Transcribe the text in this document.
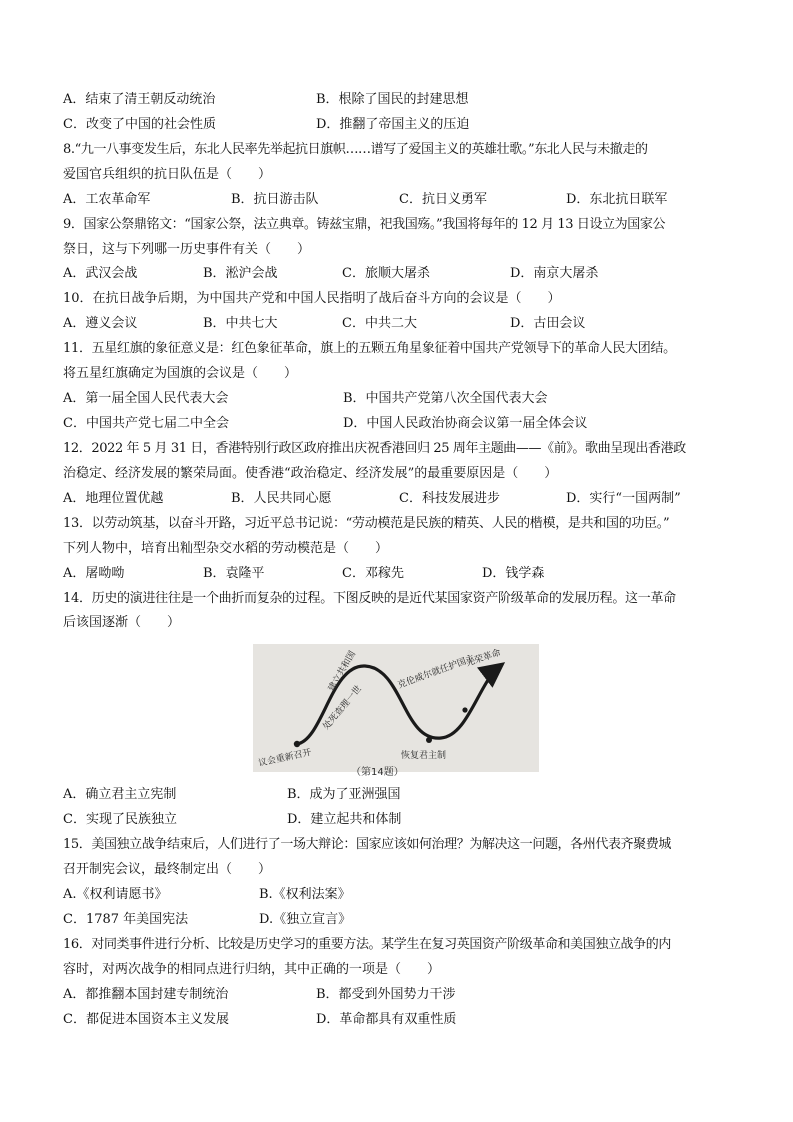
A．结束了清王朝反动统治	B．根除了国民的封建思想
C．改变了中国的社会性质	D．推翻了帝国主义的压迫
8.“九一八事变发生后，东北人民率先举起抗日旗帜……谱写了爱国主义的英雄壮歌。”东北人民与未撤走的
爱国官兵组织的抗日队伍是（　　）
A．工农革命军	B．抗日游击队	C．抗日义勇军	D．东北抗日联军
9．国家公祭鼎铭文：“国家公祭，法立典章。铸兹宝鼎，祀我国殇。”我国将每年的 12 月 13 日设立为国家公
祭日，这与下列哪一历史事件有关（　　）
A．武汉会战	B．淞沪会战	C．旅顺大屠杀	D．南京大屠杀
10．在抗日战争后期，为中国共产党和中国人民指明了战后奋斗方向的会议是（　　）
A．遵义会议	B．中共七大	C．中共二大	D．古田会议
11．五星红旗的象征意义是：红色象征革命，旗上的五颗五角星象征着中国共产党领导下的革命人民大团结。
将五星红旗确定为国旗的会议是（　　）
A．第一届全国人民代表大会	B．中国共产党第八次全国代表大会
C．中国共产党七届二中全会	D．中国人民政治协商会议第一届全体会议
12．2022 年 5 月 31 日，香港特别行政区政府推出庆祝香港回归 25 周年主题曲——《前》。歌曲呈现出香港政
治稳定、经济发展的繁荣局面。使香港“政治稳定、经济发展”的最重要原因是（　　）
A．地理位置优越	B．人民共同心愿	C．科技发展进步	D．实行“一国两制”
13．以劳动筑基，以奋斗开路，习近平总书记说：“劳动模范是民族的精英、人民的楷模，是共和国的功臣。”
下列人物中，培育出籼型杂交水稻的劳动模范是（　　）
A．屠呦呦	B．袁隆平	C．邓稼先	D．钱学森
14．历史的演进往往是一个曲折而复杂的过程。下图反映的是近代某国家资产阶级革命的发展历程。这一革命
后该国逐渐（　　）
议会重新召开
处死查理一世
建立共和国	克伦威尔就任护国主
恢复君主制
光荣革命
（第14题）
A．确立君主立宪制	B．成为了亚洲强国
C．实现了民族独立	D．建立起共和体制
15．美国独立战争结束后，人们进行了一场大辩论：国家应该如何治理？为解决这一问题，各州代表齐聚费城
召开制宪会议，最终制定出（　　）
A.《权利请愿书》	B.《权利法案》
C．1787 年美国宪法	D.《独立宣言》
16．对同类事件进行分析、比较是历史学习的重要方法。某学生在复习英国资产阶级革命和美国独立战争的内
容时，对两次战争的相同点进行归纳，其中正确的一项是（　　）
A．都推翻本国封建专制统治	B．都受到外国势力干涉
C．都促进本国资本主义发展	D．革命都具有双重性质
